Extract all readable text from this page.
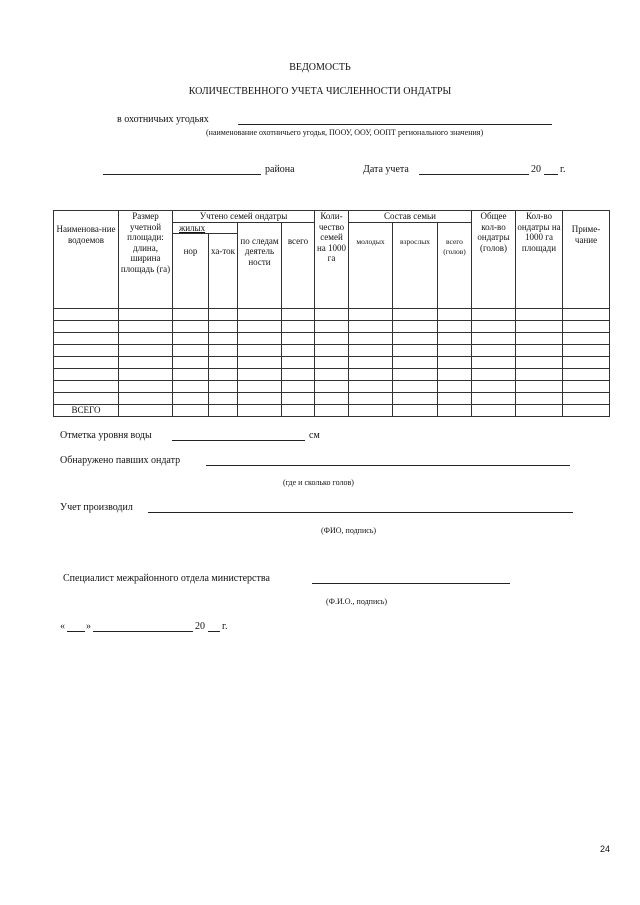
ВЕДОМОСТЬ
КОЛИЧЕСТВЕННОГО УЧЕТА ЧИСЛЕННОСТИ ОНДАТРЫ
в охотничьих угодьях
(наименование охотничьего угодья, ПООУ, ООУ, ООПТ регионального значения)
района	Дата учета	20 г.
Наименова-ние водоемов	Размер учетной площади: длина, ширина площадь (га)	Учтено семей ондатры				Коли-чество семей на 1000 га	Состав семьи			Общее кол-во ондатры (голов)	Кол-во ондатры на 1000 га площади	Приме-чание
		жилых		по следам деятель ности	всего		молодых	взрослых	всего (голов)			
		нор	ха-ток									

ВСЕГО												
Отметка уровня воды	см
Обнаружено павших ондатр
(где и сколько голов)
Учет производил
(ФИО, подпись)
Специалист межрайонного отдела министерства
(Ф.И.О., подпись)
« »	20 г.
24
